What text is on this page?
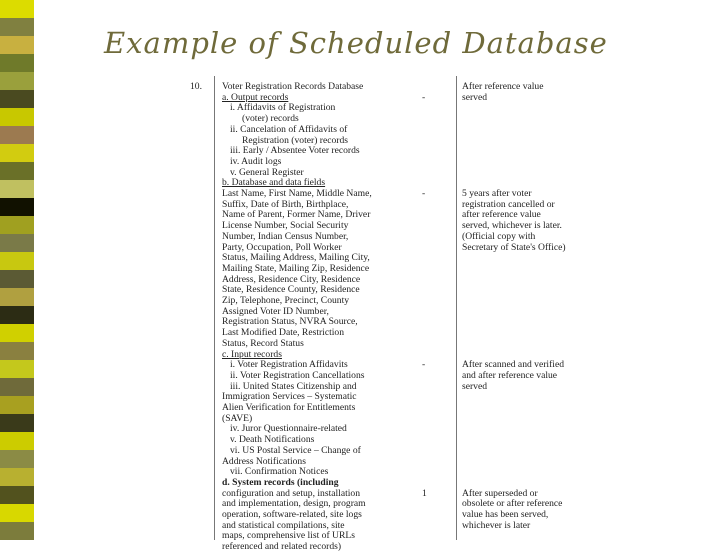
Example of Scheduled Database
10. Voter Registration Records Database
a. Output records
i. Affidavits of Registration
(voter) records
ii. Cancelation of Affidavits of
Registration (voter) records
iii. Early / Absentee Voter records
iv. Audit logs
v. General Register
b. Database and data fields
Last Name, First Name, Middle Name,
Suffix, Date of Birth, Birthplace,
Name of Parent, Former Name, Driver
License Number, Social Security
Number, Indian Census Number,
Party, Occupation, Poll Worker
Status, Mailing Address, Mailing City,
Mailing State, Mailing Zip, Residence
Address, Residence City, Residence
State, Residence County, Residence
Zip, Telephone, Precinct, County
Assigned Voter ID Number,
Registration Status, NVRA Source,
Last Modified Date, Restriction
Status, Record Status
c. Input records
i. Voter Registration Affidavits
ii. Voter Registration Cancellations
iii. United States Citizenship and
Immigration Services – Systematic
Alien Verification for Entitlements
(SAVE)
iv. Juror Questionnaire-related
v. Death Notifications
vi. US Postal Service – Change of
Address Notifications
vii. Confirmation Notices
d. System records (including
configuration and setup, installation
and implementation, design, program
operation, software-related, site logs
and statistical compilations, site
maps, comprehensive list of URLs
referenced and related records)
-
-
-
1
After reference value
served
5 years after voter
registration cancelled or
after reference value
served, whichever is later.
(Official copy with
Secretary of State's Office)
After scanned and verified
and after reference value
served
After superseded or
obsolete or after reference
value has been served,
whichever is later
